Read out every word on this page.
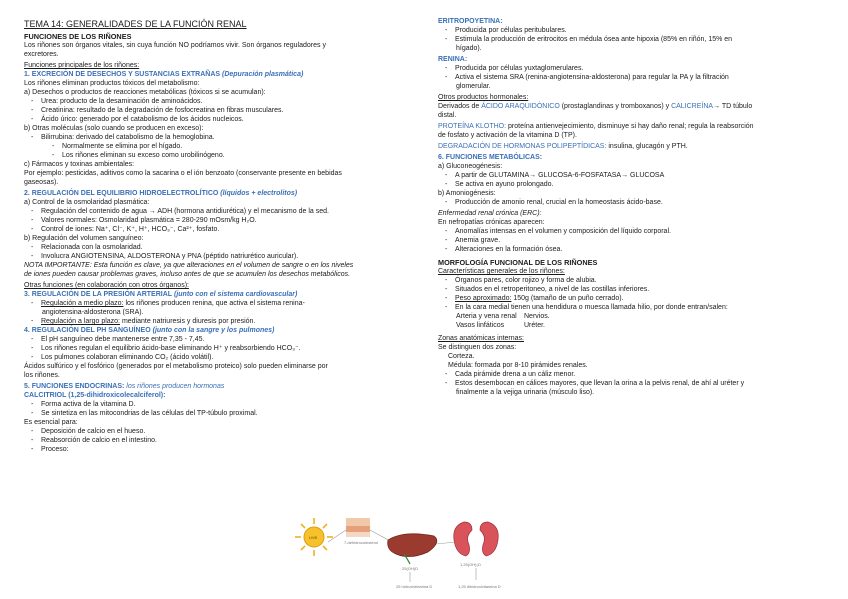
TEMA 14: GENERALIDADES DE LA FUNCIÓN RENAL
FUNCIONES DE LOS RIÑONES
Los riñones son órganos vitales, sin cuya función NO podríamos vivir. Son órganos reguladores y
excretores.
Funciones principales de los riñones:
1. EXCRECIÓN DE DESECHOS Y SUSTANCIAS EXTRAÑAS (Depuración plasmática)
Los riñones eliminan productos tóxicos del metabolismo:
a) Desechos o productos de reacciones metabólicas (tóxicos si se acumulan):
- Urea: producto de la desaminación de aminoácidos.
- Creatinina: resultado de la degradación de fosfocreatina en fibras musculares.
- Ácido úrico: generado por el catabolismo de los ácidos nucleicos.
b) Otras moléculas (solo cuando se producen en exceso):
- Bilirrubina: derivado del catabolismo de la hemoglobina.
- Normalmente se elimina por el hígado.
- Los riñones eliminan su exceso como urobilinógeno.
c) Fármacos y toxinas ambientales:
Por ejemplo: pesticidas, aditivos como la sacarina o el ión benzoato (conservante presente en bebidas
gaseosas).
2. REGULACIÓN DEL EQUILIBRIO HIDROELECTROLÍTICO (líquidos + electrolitos)
a) Control de la osmolaridad plasmática:
- Regulación del contenido de agua → ADH (hormona antidiurética) y el mecanismo de la sed.
- Valores normales: Osmolaridad plasmática = 280-290 mOsm/kg H₂O.
- Control de iones: Na⁺, Cl⁻, K⁺, H⁺, HCO₃⁻, Ca²⁺, fosfato.
b) Regulación del volumen sanguíneo:
- Relacionada con la osmolaridad.
- Involucra ANGIOTENSINA, ALDOSTERONA y PNA (péptido natriurético auricular).
NOTA IMPORTANTE: Esta función es clave, ya que alteraciones en el volumen de sangre o en los niveles
de iones pueden causar problemas graves, incluso antes de que se acumulen los desechos metabólicos.
Otras funciones (en colaboración con otros órganos):
3. REGULACIÓN DE LA PRESIÓN ARTERIAL (junto con el sistema cardiovascular)
- Regulación a medio plazo: los riñones producen renina, que activa el sistema renina-
angiotensina-aldosterona (SRA).
- Regulación a largo plazo: mediante natriuresis y diuresis por presión.
4. REGULACIÓN DEL PH SANGUÍNEO (junto con la sangre y los pulmones)
- El pH sanguíneo debe mantenerse entre 7,35 - 7,45.
- Los riñones regulan el equilibrio ácido-base eliminando H⁺ y reabsorbiendo HCO₃⁻.
- Los pulmones colaboran eliminando CO₂ (ácido volátil).
Ácidos sulfúrico y el fosfórico (generados por el metabolismo proteico) solo pueden eliminarse por
los riñones.
5. FUNCIONES ENDOCRINAS: los riñones producen hormonas
CALCITRIOL (1,25-dihidroxicolecalciferol):
- Forma activa de la vitamina D.
- Se sintetiza en las mitocondrias de las células del TP-túbulo proximal.
Es esencial para:
- Deposición de calcio en el hueso.
- Reabsorción de calcio en el intestino.
- Proceso:
ERITROPOYETINA:
- Producida por células peritubulares.
- Estimula la producción de eritrocitos en médula ósea ante hipoxia (85% en riñón, 15% en
hígado).
RENINA:
- Producida por células yuxtaglomerulares.
- Activa el sistema SRA (renina-angiotensina-aldosterona) para regular la PA y la filtración
glomerular.
Otros productos hormonales:
Derivados de ÁCIDO ARAQUIDÓNICO (prostaglandinas y tromboxanos) y CALICREÍNA→ TD túbulo
distal.
PROTEÍNA KLOTHO: proteína antienvejecimiento, disminuye si hay daño renal; regula la reabsorción
de fosfato y activación de la vitamina D (TP).
DEGRADACIÓN DE HORMONAS POLIPEPTÍDICAS: insulina, glucagón y PTH.
6. FUNCIONES METABÓLICAS:
a) Gluconeogénesis:
- A partir de GLUTAMINA→ GLUCOSA-6-FOSFATASA→ GLUCOSA
- Se activa en ayuno prolongado.
b) Amoniogénesis:
- Producción de amonio renal, crucial en la homeostasis ácido-base.
Enfermedad renal crónica (ERC):
En nefropatías crónicas aparecen:
- Anomalías intensas en el volumen y composición del líquido corporal.
- Anemia grave.
- Alteraciones en la formación ósea.
MORFOLOGÍA FUNCIONAL DE LOS RIÑONES
Características generales de los riñones:
- Órganos pares, color rojizo y forma de alubia.
- Situados en el retroperitoneo, a nivel de las costillas inferiores.
- Peso aproximado: 150g (tamaño de un puño cerrado).
- En la cara medial tienen una hendidura o muesca llamada hilio, por donde entran/salen:
Arteria y vena renal	Nervios.
Vasos linfáticos	Uréter.
Zonas anatómicas internas:
Se distinguen dos zonas:
Corteza.
Médula: formada por 8-10 pirámides renales.
- Cada pirámide drena a un cáliz menor.
- Estos desembocan en cálices mayores, que llevan la orina a la pelvis renal, de ahí al uréter y
finalmente a la vejiga urinaria (músculo liso).
UVB
7-dehidrocolesterol
25(OH)D
25 hidroxivitamina D
1,25(OH)₂D
1,25 dihidroxivitamina D
